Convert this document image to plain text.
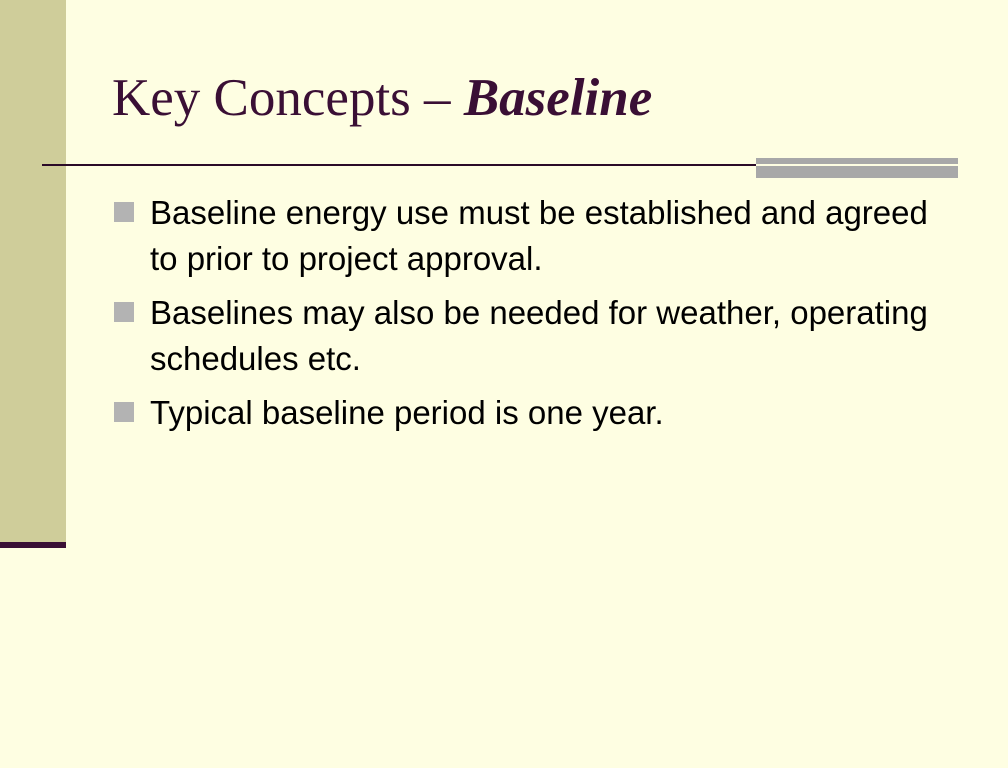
Key Concepts – Baseline
Baseline energy use must be established and agreed to prior to project approval.
Baselines may also be needed for weather, operating schedules etc.
Typical baseline period is one year.
